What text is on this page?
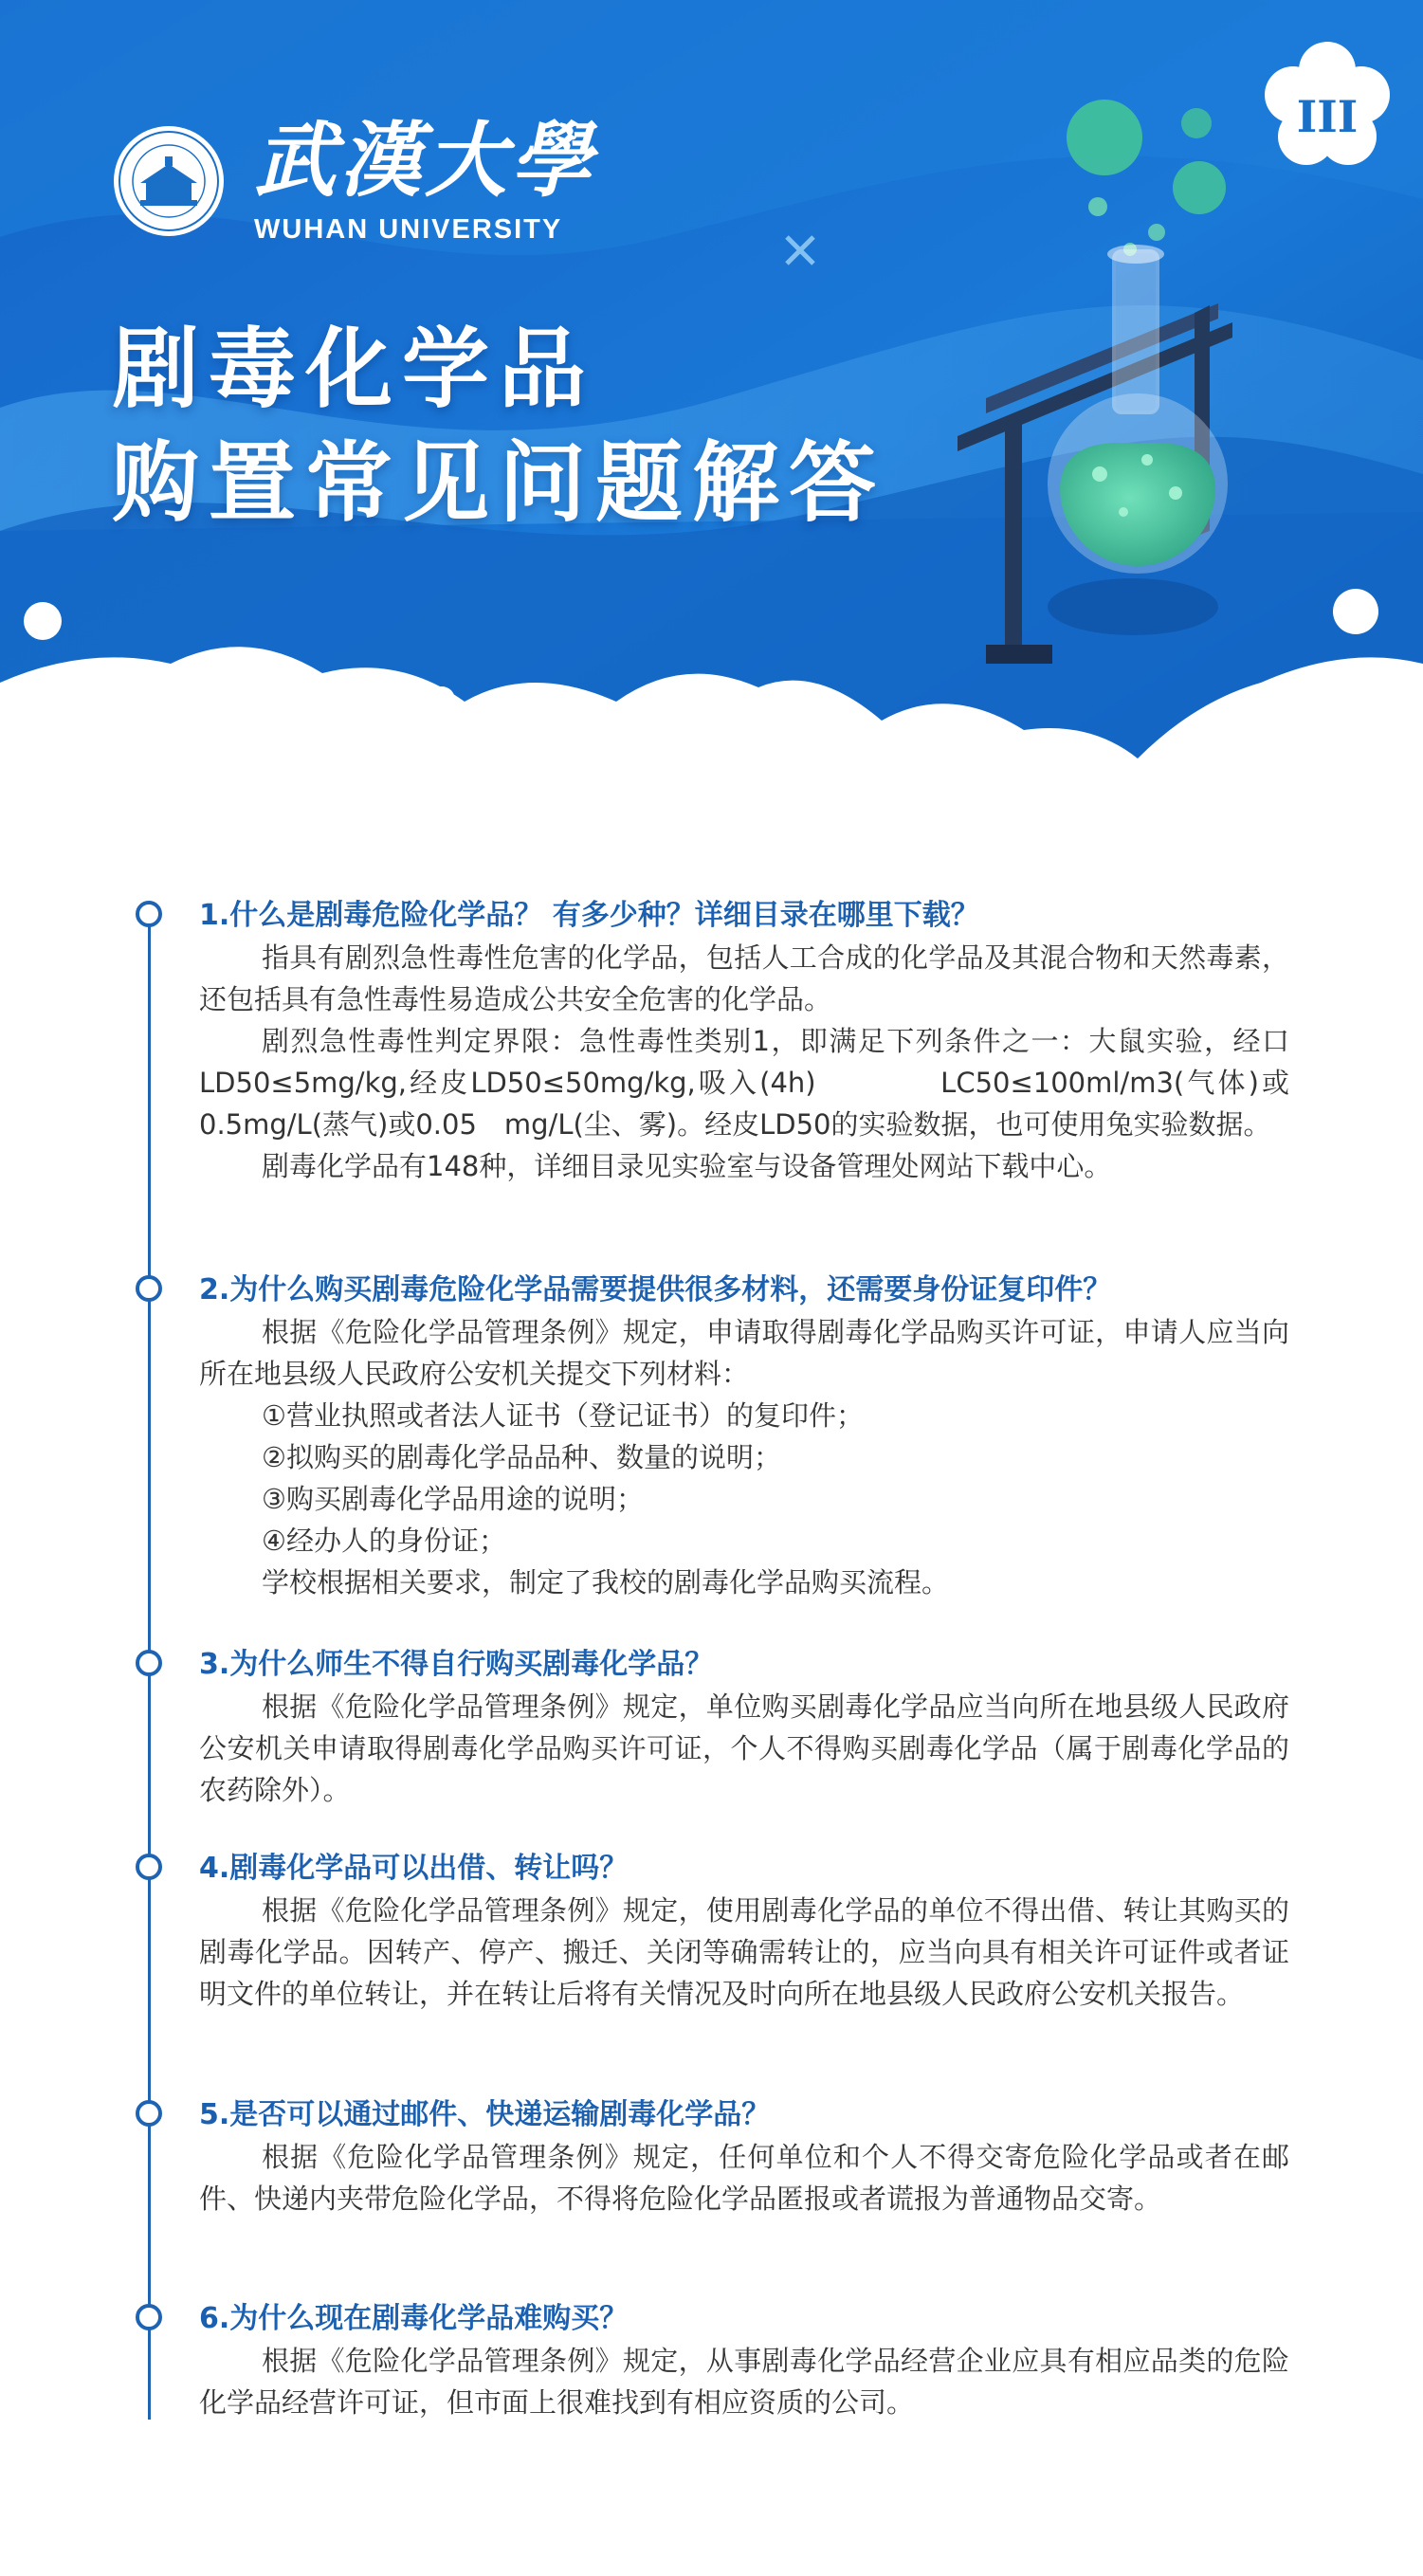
武漢大學
WUHAN UNIVERSITY
III
剧毒化学品
购置常见问题解答
1.什么是剧毒危险化学品？ 有多少种？详细目录在哪里下载？
指具有剧烈急性毒性危害的化学品，包括人工合成的化学品及其混合物和天然毒素，还包括具有急性毒性易造成公共安全危害的化学品。
剧烈急性毒性判定界限：急性毒性类别1，即满足下列条件之一：大鼠实验，经口LD50≤5mg/kg,经皮LD50≤50mg/kg,吸入(4h)　　　　LC50≤100ml/m3(气体)或0.5mg/L(蒸气)或0.05　mg/L(尘、雾)。经皮LD50的实验数据，也可使用兔实验数据。
剧毒化学品有148种，详细目录见实验室与设备管理处网站下载中心。
2.为什么购买剧毒危险化学品需要提供很多材料，还需要身份证复印件？
根据《危险化学品管理条例》规定，申请取得剧毒化学品购买许可证，申请人应当向所在地县级人民政府公安机关提交下列材料：
①营业执照或者法人证书（登记证书）的复印件；
②拟购买的剧毒化学品品种、数量的说明；
③购买剧毒化学品用途的说明；
④经办人的身份证；
学校根据相关要求，制定了我校的剧毒化学品购买流程。
3.为什么师生不得自行购买剧毒化学品？
根据《危险化学品管理条例》规定，单位购买剧毒化学品应当向所在地县级人民政府公安机关申请取得剧毒化学品购买许可证，个人不得购买剧毒化学品（属于剧毒化学品的农药除外）。
4.剧毒化学品可以出借、转让吗？
根据《危险化学品管理条例》规定，使用剧毒化学品的单位不得出借、转让其购买的剧毒化学品。因转产、停产、搬迁、关闭等确需转让的，应当向具有相关许可证件或者证明文件的单位转让，并在转让后将有关情况及时向所在地县级人民政府公安机关报告。
5.是否可以通过邮件、快递运输剧毒化学品？
根据《危险化学品管理条例》规定，任何单位和个人不得交寄危险化学品或者在邮件、快递内夹带危险化学品，不得将危险化学品匿报或者谎报为普通物品交寄。
6.为什么现在剧毒化学品难购买？
根据《危险化学品管理条例》规定，从事剧毒化学品经营企业应具有相应品类的危险化学品经营许可证，但市面上很难找到有相应资质的公司。
